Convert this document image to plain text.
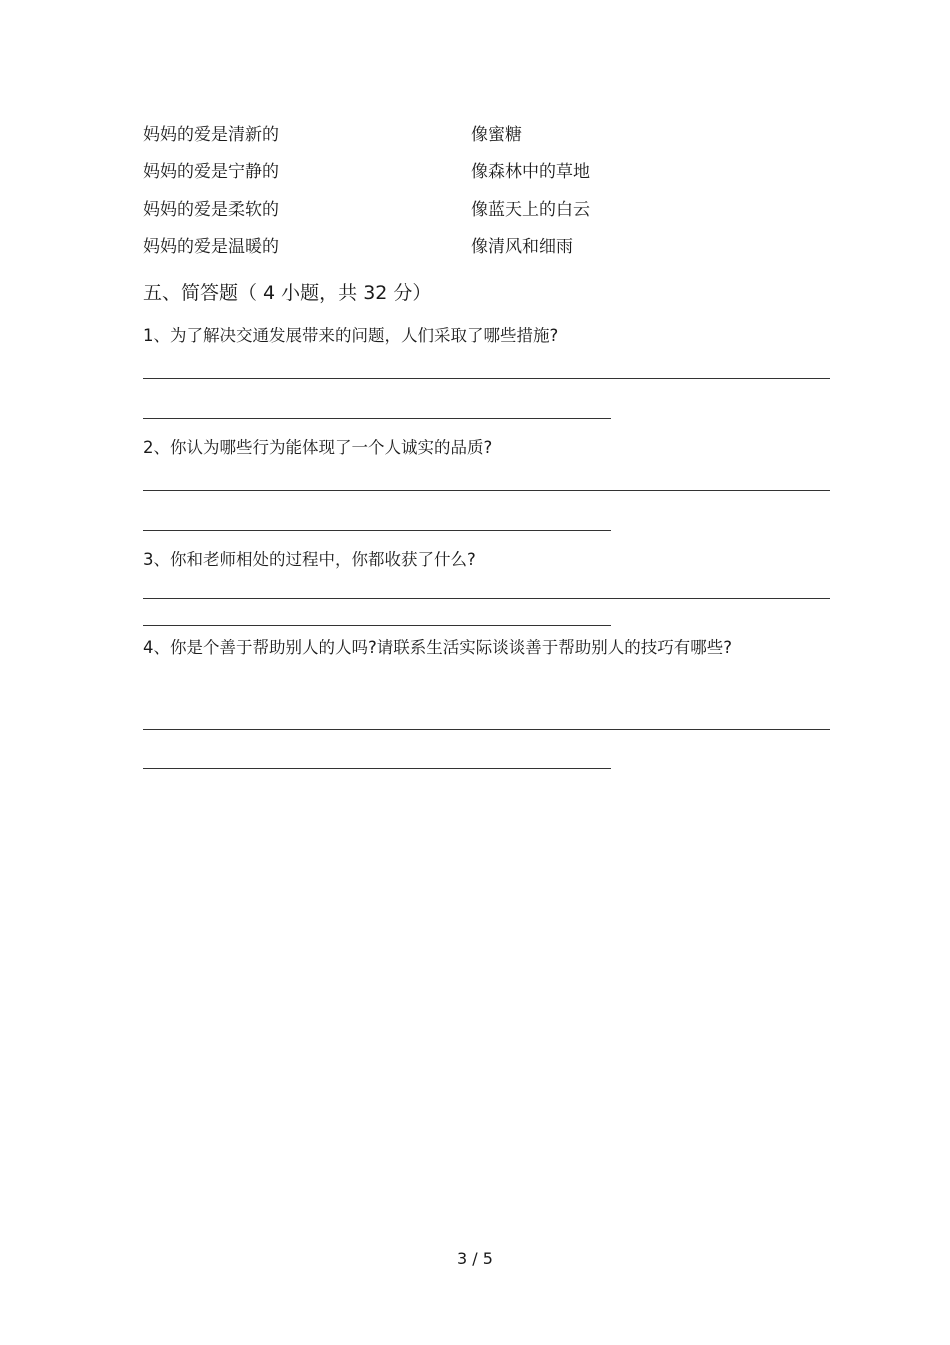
妈妈的爱是清新的	像蜜糖
妈妈的爱是宁静的	像森林中的草地
妈妈的爱是柔软的	像蓝天上的白云
妈妈的爱是温暖的	像清风和细雨
五、简答题（ 4 小题，共 32 分）
1、为了解决交通发展带来的问题，人们采取了哪些措施?
2、你认为哪些行为能体现了一个人诚实的品质?
3、你和老师相处的过程中，你都收获了什么?
4、你是个善于帮助别人的人吗?请联系生活实际谈谈善于帮助别人的技巧有哪些?
3 / 5
